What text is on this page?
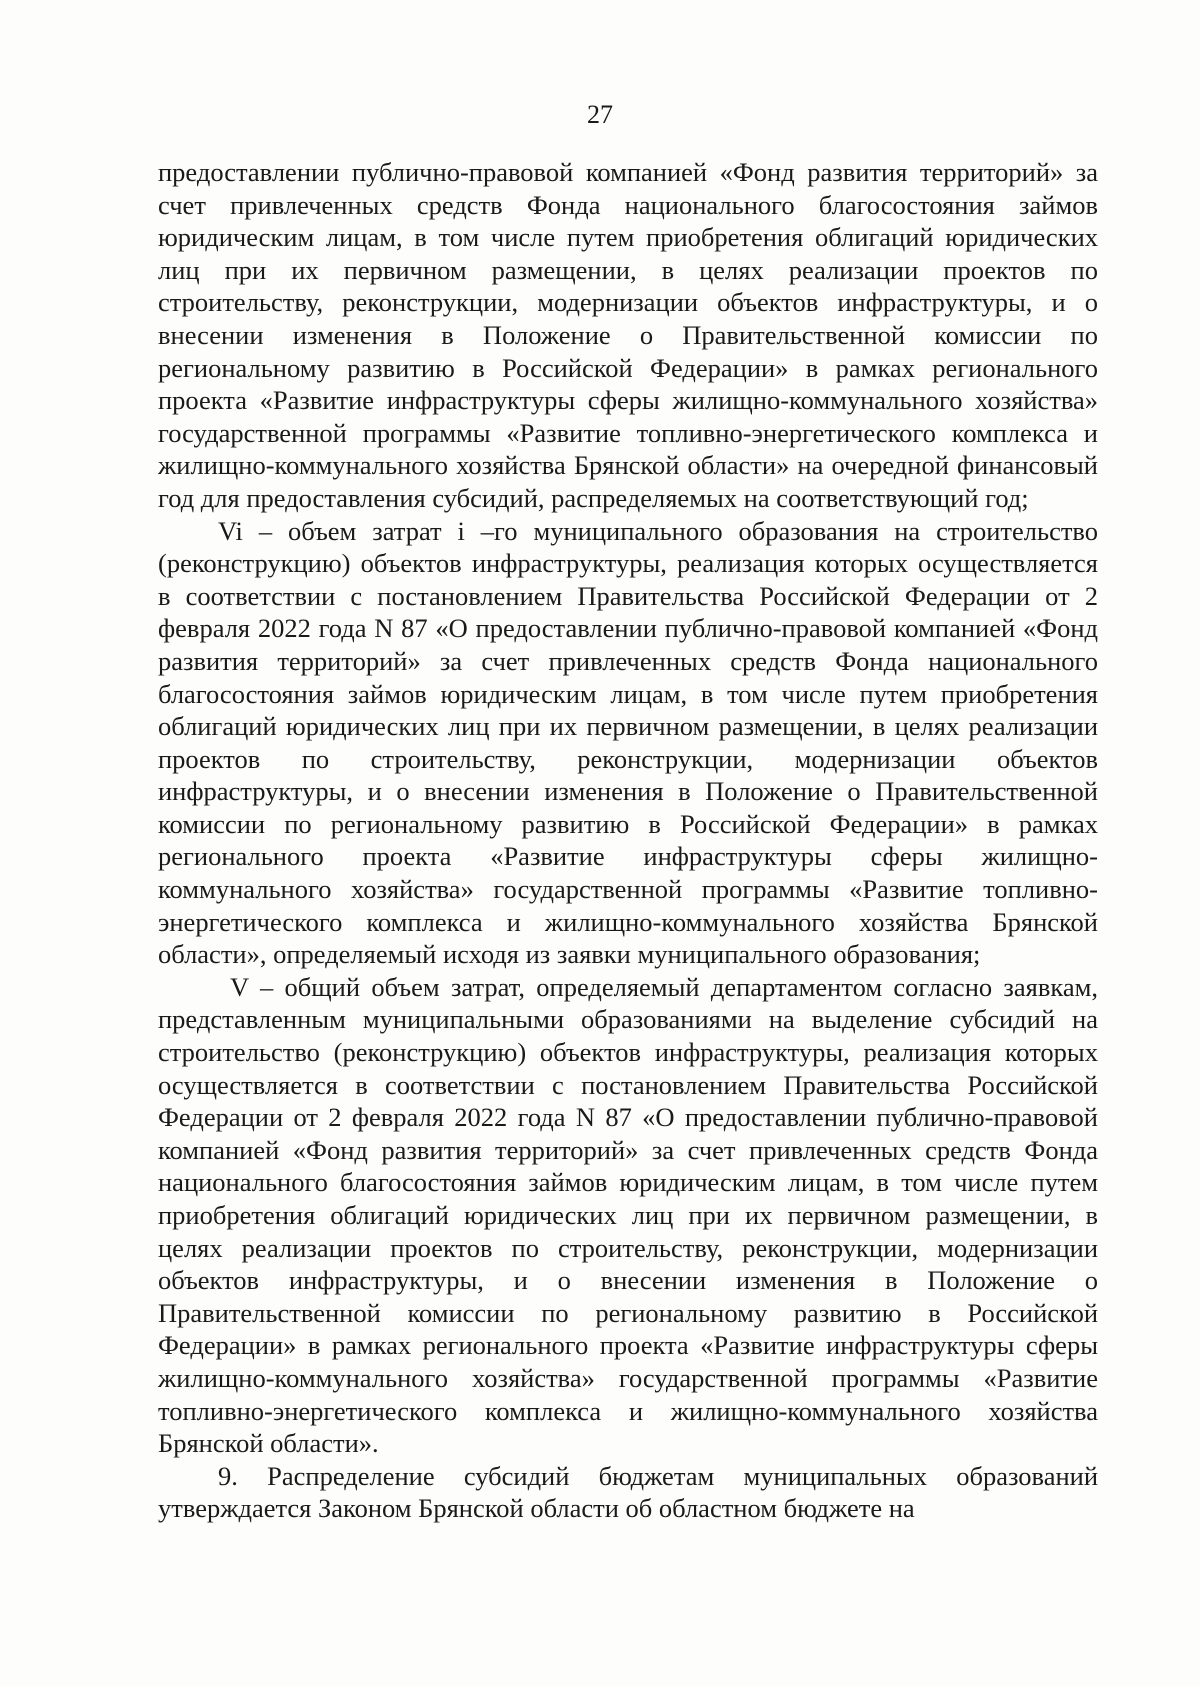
27

предоставлении публично-правовой компанией «Фонд развития территорий» за счет привлеченных средств Фонда национального благосостояния займов юридическим лицам, в том числе путем приобретения облигаций юридических лиц при их первичном размещении, в целях реализации проектов по строительству, реконструкции, модернизации объектов инфраструктуры, и о внесении изменения в Положение о Правительственной комиссии по региональному развитию в Российской Федерации» в рамках регионального проекта «Развитие инфраструктуры сферы жилищно-коммунального хозяйства» государственной программы «Развитие топливно-энергетического комплекса и жилищно-коммунального хозяйства Брянской области» на очередной финансовый год для предоставления субсидий, распределяемых на соответствующий год;

Vi – объем затрат i –го муниципального образования на строительство (реконструкцию) объектов инфраструктуры, реализация которых осуществляется в соответствии с постановлением Правительства Российской Федерации от 2 февраля 2022 года N 87 «О предоставлении публично-правовой компанией «Фонд развития территорий» за счет привлеченных средств Фонда национального благосостояния займов юридическим лицам, в том числе путем приобретения облигаций юридических лиц при их первичном размещении, в целях реализации проектов по строительству, реконструкции, модернизации объектов инфраструктуры, и о внесении изменения в Положение о Правительственной комиссии по региональному развитию в Российской Федерации» в рамках регионального проекта «Развитие инфраструктуры сферы жилищно-коммунального хозяйства» государственной программы «Развитие топливно-энергетического комплекса и жилищно-коммунального хозяйства Брянской области», определяемый исходя из заявки муниципального образования;

V – общий объем затрат, определяемый департаментом согласно заявкам, представленным муниципальными образованиями на выделение субсидий на строительство (реконструкцию) объектов инфраструктуры, реализация которых осуществляется в соответствии с постановлением Правительства Российской Федерации от 2 февраля 2022 года N 87 «О предоставлении публично-правовой компанией «Фонд развития территорий» за счет привлеченных средств Фонда национального благосостояния займов юридическим лицам, в том числе путем приобретения облигаций юридических лиц при их первичном размещении, в целях реализации проектов по строительству, реконструкции, модернизации объектов инфраструктуры, и о внесении изменения в Положение о Правительственной комиссии по региональному развитию в Российской Федерации» в рамках регионального проекта «Развитие инфраструктуры сферы жилищно-коммунального хозяйства» государственной программы «Развитие топливно-энергетического комплекса и жилищно-коммунального хозяйства Брянской области».

9. Распределение субсидий бюджетам муниципальных образований утверждается Законом Брянской области об областном бюджете на
